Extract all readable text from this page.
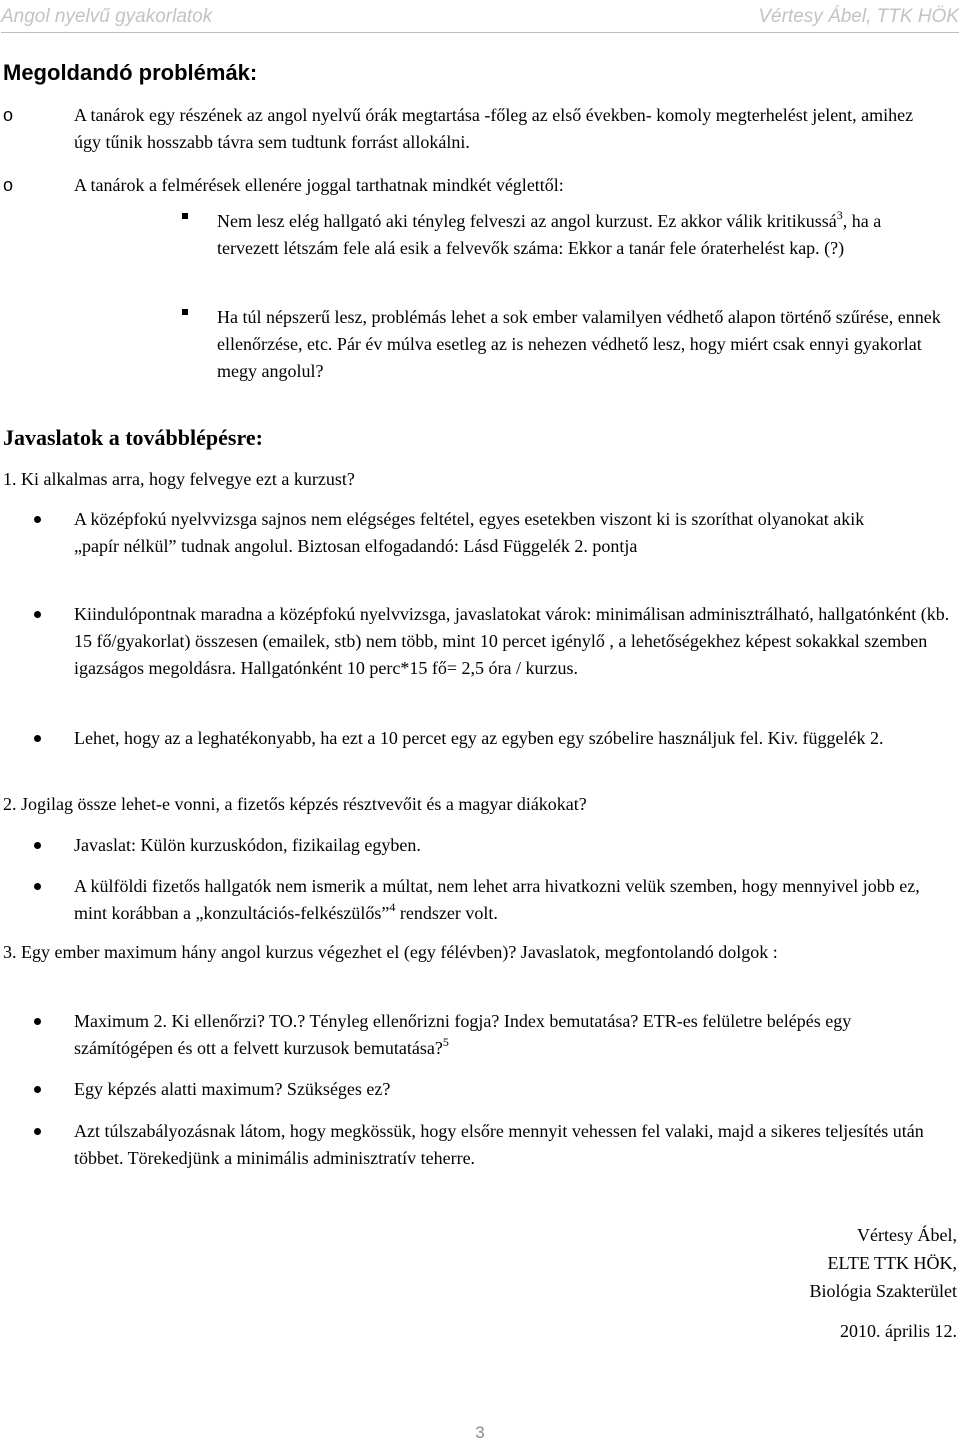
Angol nyelvű gyakorlatok	Vértesy Ábel, TTK HÖK
Megoldandó problémák:
o	A tanárok egy részének az angol nyelvű órák megtartása -főleg az első években- komoly megterhelést jelent, amihez úgy tűnik hosszabb távra sem tudtunk forrást allokálni.
o	A tanárok a felmérések ellenére joggal tarthatnak mindkét véglettől:
Nem lesz elég hallgató aki tényleg felveszi az angol kurzust. Ez akkor válik kritikussá$^3$, ha a tervezett létszám fele alá esik a felvevők száma: Ekkor a tanár fele óraterhelést kap. (?)
Ha túl népszerű lesz, problémás lehet a sok ember valamilyen védhető alapon történő szűrése, ennek ellenőrzése, etc. Pár év múlva esetleg az is nehezen védhető lesz, hogy miért csak ennyi gyakorlat megy angolul?
Javaslatok a továbblépésre:
1. Ki alkalmas arra, hogy felvegye ezt a kurzust?
A középfokú nyelvvizsga sajnos nem elégséges feltétel, egyes esetekben viszont ki is szoríthat olyanokat akik „papír nélkül” tudnak angolul. Biztosan elfogadandó: Lásd Függelék 2. pontja
Kiindulópontnak maradna a középfokú nyelvvizsga, javaslatokat várok: minimálisan adminisztrálható, hallgatónként (kb. 15 fő/gyakorlat) összesen (emailek, stb) nem több, mint 10 percet igénylő , a lehetőségekhez képest sokakkal szemben igazságos megoldásra. Hallgatónként 10 perc*15 fő= 2,5 óra / kurzus.
Lehet, hogy az a leghatékonyabb, ha ezt a 10 percet egy az egyben egy szóbelire használjuk fel. Kiv. függelék 2.
2. Jogilag össze lehet-e vonni, a fizetős képzés résztvevőit és a magyar diákokat?
Javaslat: Külön kurzuskódon, fizikailag egyben.
A külföldi fizetős hallgatók nem ismerik a múltat, nem lehet arra hivatkozni velük szemben, hogy mennyivel jobb ez, mint korábban a „konzultációs-felkészülős”$^4$ rendszer volt.
3. Egy ember maximum hány angol kurzus végezhet el (egy félévben)? Javaslatok, megfontolandó dolgok :
Maximum 2. Ki ellenőrzi? TO.? Tényleg ellenőrizni fogja? Index bemutatása? ETR-es felületre belépés egy számítógépen és ott a felvett kurzusok bemutatása?$^5$
Egy képzés alatti maximum? Szükséges ez?
Azt túlszabályozásnak látom, hogy megkössük, hogy elsőre mennyit vehessen fel valaki, majd a sikeres teljesítés után többet. Törekedjünk a minimális adminisztratív teherre.
Vértesy Ábel,
ELTE TTK HÖK,
Biológia Szakterület
2010. április 12.
3
